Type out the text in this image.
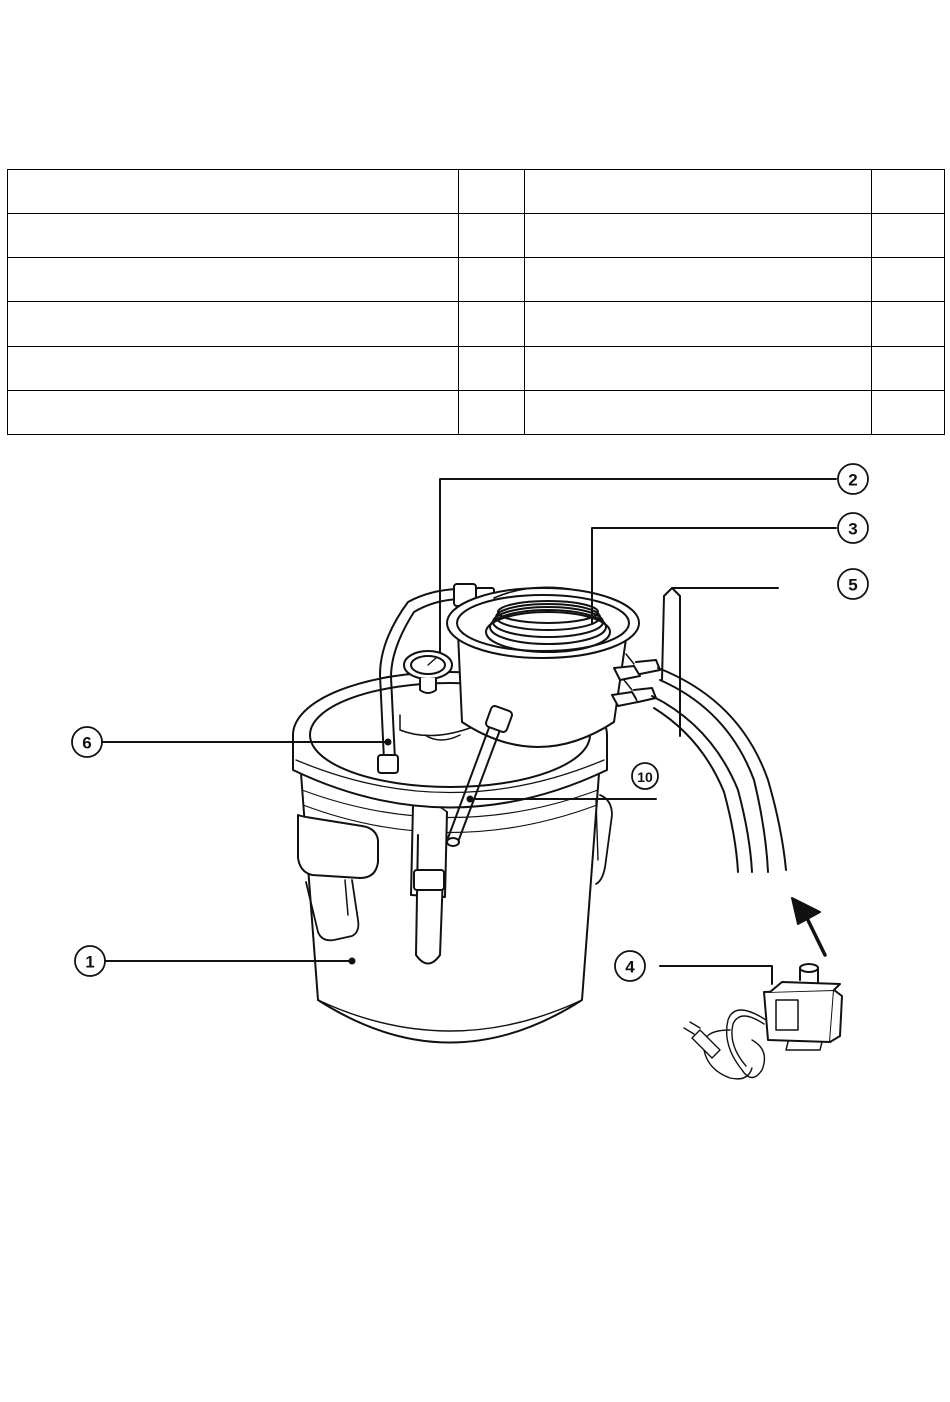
2
3
5
6
10
1	4
